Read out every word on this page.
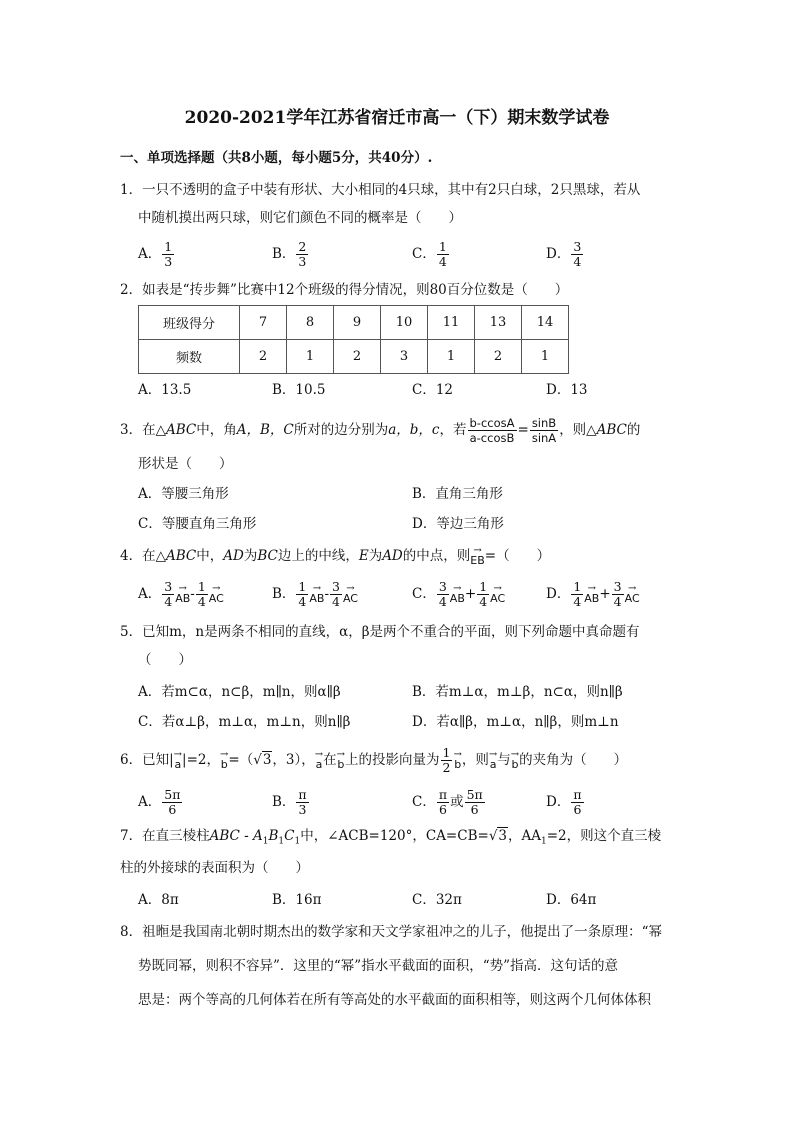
2020-2021学年江苏省宿迁市高一（下）期末数学试卷
一、单项选择题（共8小题，每小题5分，共40分）.
1．一只不透明的盒子中装有形状、大小相同的4只球，其中有2只白球，2只黑球，若从
中随机摸出两只球，则它们颜色不同的概率是（　　）
A． $\frac{1}{3}$	B． $\frac{2}{3}$	C． $\frac{1}{4}$	D． $\frac{3}{4}$
2．如表是“抟步舞”比赛中12个班级的得分情况，则80百分位数是（　　）
班级得分	7	8	9	10	11	13	14
频数	2	1	2	3	1	2	1
A．13.5	B．10.5	C．12	D．13
3．在△ABC中，角A，B，C所对的边分别为a，b，c，若 $\frac{b-ccosA}{a-ccosB} = \frac{\sin B}{\sin A}$ ，则△ABC的
形状是（　　）
A．等腰三角形	B．直角三角形
C．等腰直角三角形	D．等边三角形
4．在△ABC中，AD为BC边上的中线，E为AD的中点，则 →
EB =（　　）
A． $\frac{3}{4}$ →
AB - $\frac{1}{4}$ →
AC	B． $\frac{1}{4}$ →
AB - $\frac{3}{4}$ →
AC	C． $\frac{3}{4}$ →
AB + $\frac{1}{4}$ →
AC	D． $\frac{1}{4}$ →
AB + $\frac{3}{4}$ →
AC
5．已知m，n是两条不相同的直线，α，β是两个不重合的平面，则下列命题中真命题有
（　　）
A．若m⊂α，n⊂β，m∥n，则α∥β	B．若m⊥α，m⊥β，n⊂α，则n∥β
C．若α⊥β，m⊥α，m⊥n，则n∥β	D．若α∥β，m⊥α，n∥β，则m⊥n
6．已知| →
a |=2， →
b =（√3，3）， →
a 在 →
b 上的投影向量为 $\frac{1}{2}$ →
b ，则 →
a 与 →
b 的夹角为（　　）
A． $\frac{5\pi}{6}$	B． $\frac{\pi}{3}$	C． $\frac{\pi}{6}$ 或 $\frac{5\pi}{6}$	D． $\frac{\pi}{6}$
7．在直三棱柱ABC - $A_1B_1C_1$中，∠ACB=120°，CA=CB=√3，$AA_1=2$，则这个直三棱
柱的外接球的表面积为（　　）
A．8π	B．16π	C．32π	D．64π
8．祖暅是我国南北朝时期杰出的数学家和天文学家祖冲之的儿子，他提出了一条原理：“幂
势既同幂，则积不容异”．这里的“幂”指水平截面的面积，“势”指高．这句话的意
思是：两个等高的几何体若在所有等高处的水平截面的面积相等，则这两个几何体体积
